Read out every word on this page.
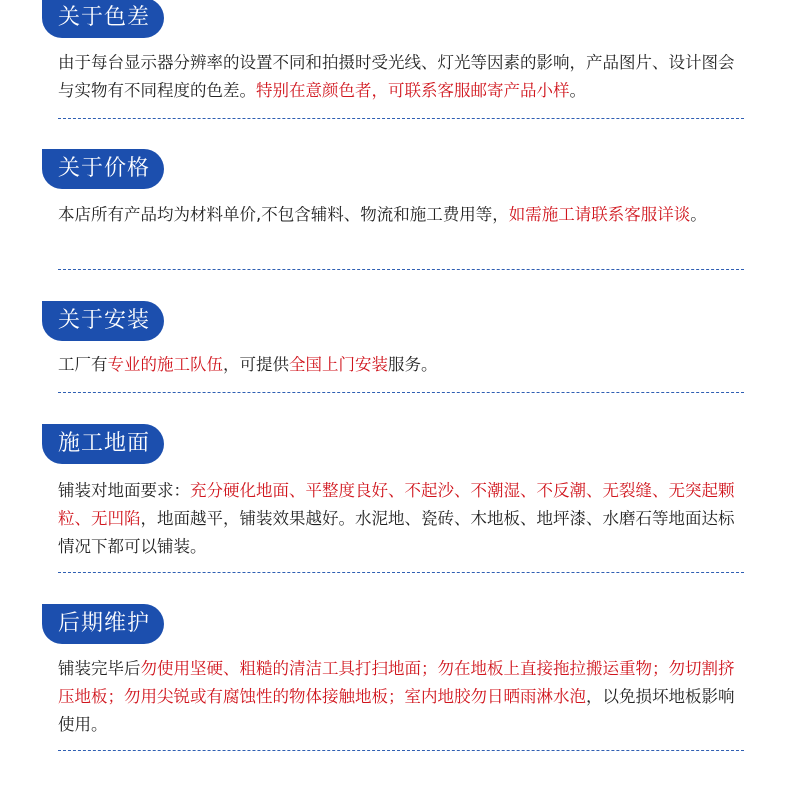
关于色差
由于每台显示器分辨率的设置不同和拍摄时受光线、灯光等因素的影响，产品图片、设计图会与实物有不同程度的色差。特别在意颜色者，可联系客服邮寄产品小样。
关于价格
本店所有产品均为材料单价,不包含辅料、物流和施工费用等，如需施工请联系客服详谈。
关于安装
工厂有专业的施工队伍，可提供全国上门安装服务。
施工地面
铺装对地面要求：充分硬化地面、平整度良好、不起沙、不潮湿、不反潮、无裂缝、无突起颗粒、无凹陷，地面越平，铺装效果越好。水泥地、瓷砖、木地板、地坪漆、水磨石等地面达标情况下都可以铺装。
后期维护
铺装完毕后勿使用坚硬、粗糙的清洁工具打扫地面；勿在地板上直接拖拉搬运重物；勿切割挤压地板；勿用尖锐或有腐蚀性的物体接触地板；室内地胶勿日晒雨淋水泡，以免损坏地板影响使用。
